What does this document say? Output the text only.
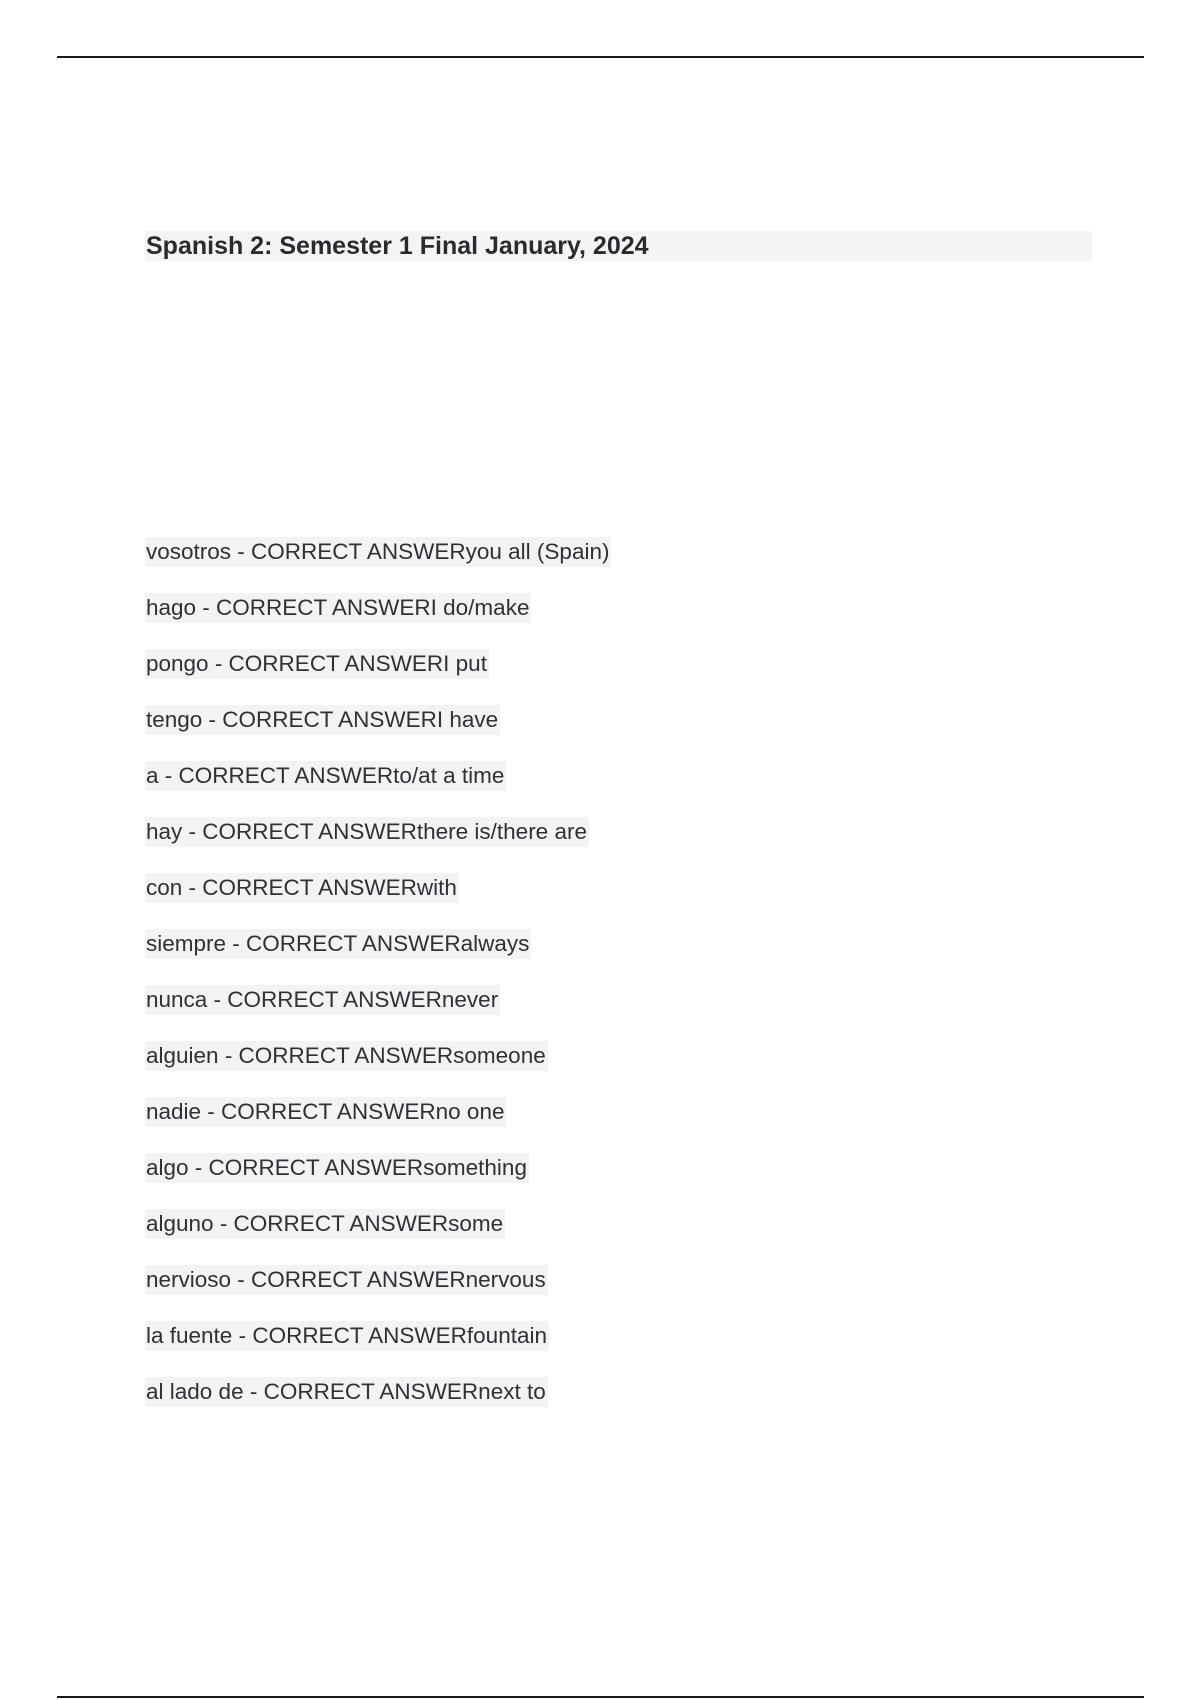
Spanish 2: Semester 1 Final January, 2024
vosotros - CORRECT ANSWERyou all (Spain)
hago - CORRECT ANSWERI do/make
pongo - CORRECT ANSWERI put
tengo - CORRECT ANSWERI have
a - CORRECT ANSWERto/at a time
hay - CORRECT ANSWERthere is/there are
con - CORRECT ANSWERwith
siempre - CORRECT ANSWERalways
nunca - CORRECT ANSWERnever
alguien - CORRECT ANSWERsomeone
nadie - CORRECT ANSWERno one
algo - CORRECT ANSWERsomething
alguno - CORRECT ANSWERsome
nervioso - CORRECT ANSWERnervous
la fuente - CORRECT ANSWERfountain
al lado de - CORRECT ANSWERnext to
